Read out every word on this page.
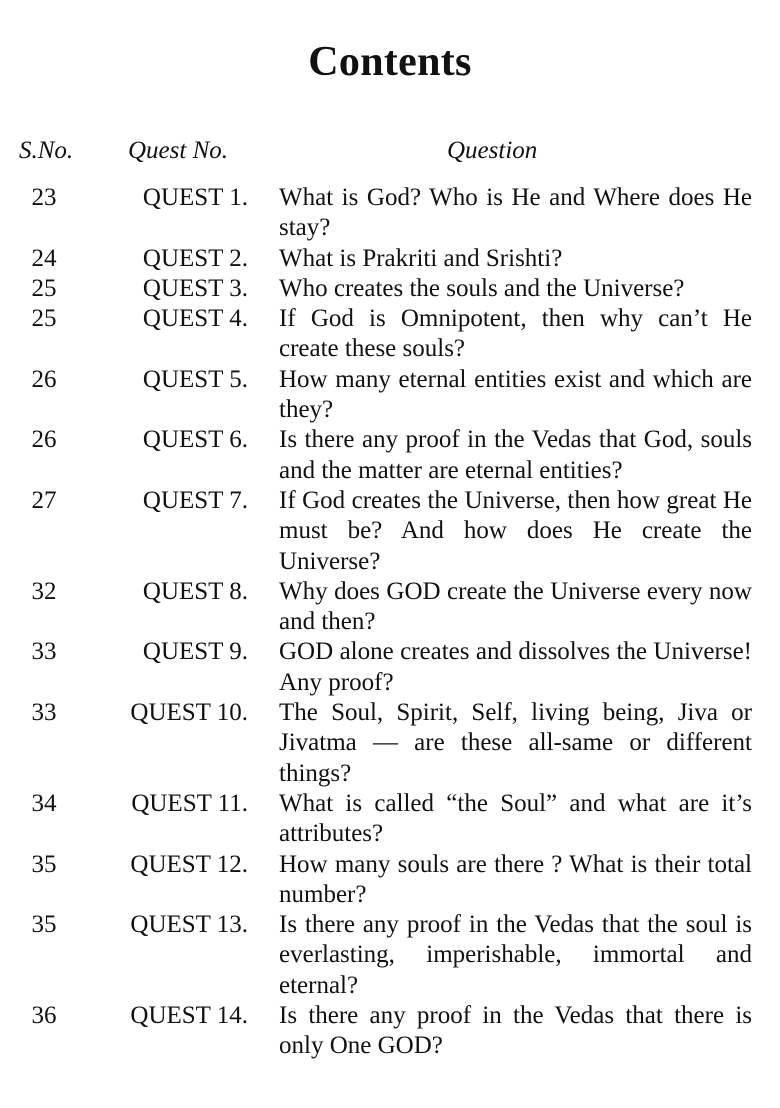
Contents
S.No. Quest No.	Question
23	QUEST 1. What is God? Who is He and Where does He stay?
24	QUEST 2. What is Prakriti and Srishti?
25	QUEST 3. Who creates the souls and the Universe?
25	QUEST 4. If God is Omnipotent, then why can’t He create these souls?
26	QUEST 5. How many eternal entities exist and which are they?
26	QUEST 6. Is there any proof in the Vedas that God, souls and the matter are eternal entities?
27	QUEST 7. If God creates the Universe, then how great He must be? And how does He create the Universe?
32	QUEST 8. Why does GOD create the Universe every now and then?
33	QUEST 9. GOD alone creates and dissolves the Universe! Any proof?
33	QUEST 10. The Soul, Spirit, Self, living being, Jiva or Jivatma — are these all-same or different things?
34	QUEST 11. What is called “the Soul” and what are it’s attributes?
35	QUEST 12. How many souls are there ? What is their total number?
35	QUEST 13. Is there any proof in the Vedas that the soul is everlasting, imperishable, immortal and eternal?
36	QUEST 14. Is there any proof in the Vedas that there is only One GOD?
